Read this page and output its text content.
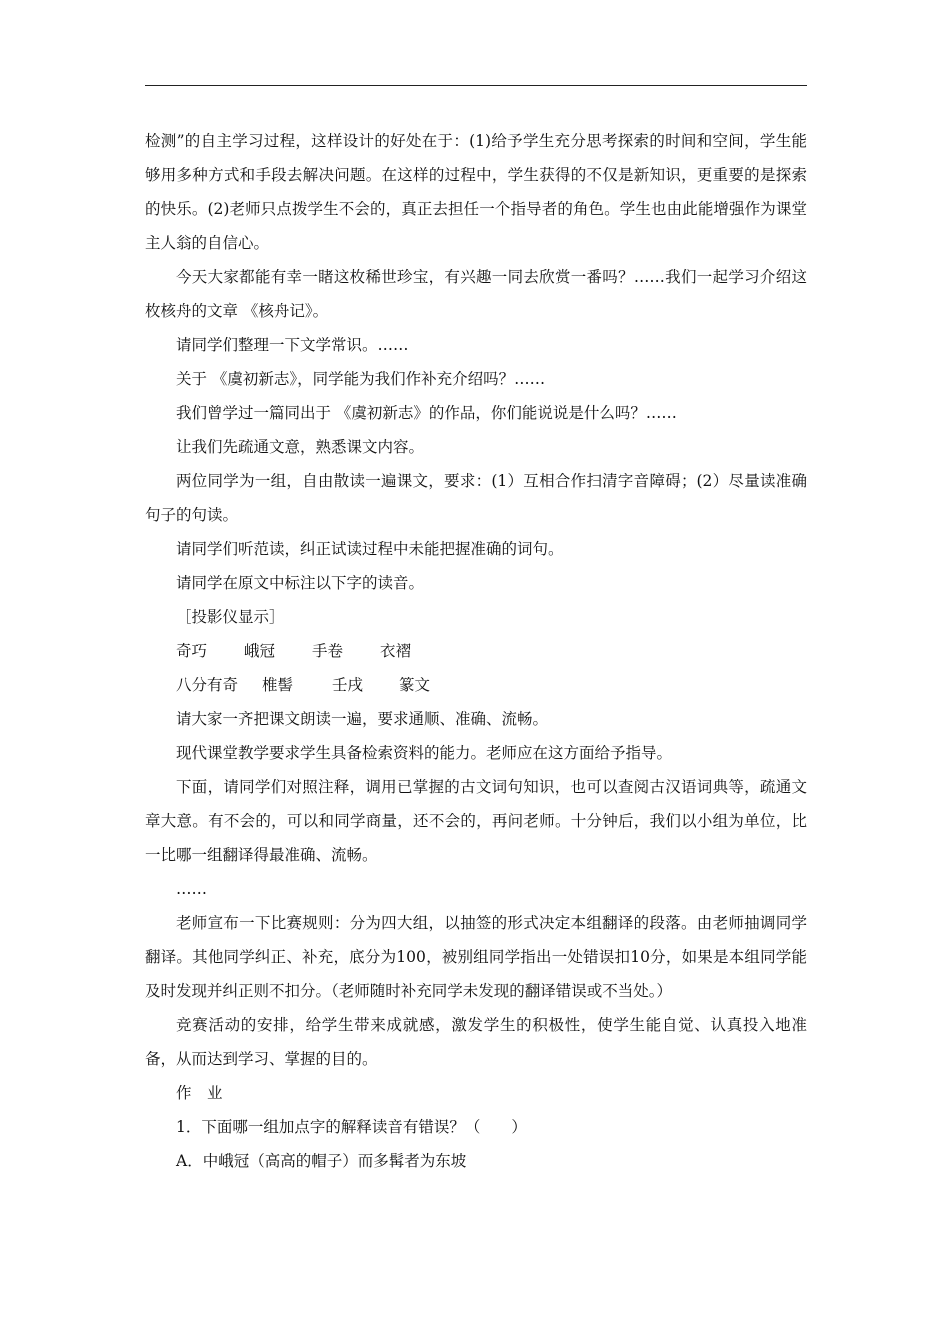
检测”的自主学习过程，这样设计的好处在于：(1)给予学生充分思考探索的时间和空间，学生能够用多种方式和手段去解决问题。在这样的过程中，学生获得的不仅是新知识，更重要的是探索的快乐。(2)老师只点拨学生不会的，真正去担任一个指导者的角色。学生也由此能增强作为课堂主人翁的自信心。

今天大家都能有幸一睹这枚稀世珍宝，有兴趣一同去欣赏一番吗？……我们一起学习介绍这枚核舟的文章 《核舟记》。

请同学们整理一下文学常识。……

关于 《虞初新志》，同学能为我们作补充介绍吗？……

我们曾学过一篇同出于 《虞初新志》的作品，你们能说说是什么吗？……

让我们先疏通文意，熟悉课文内容。

两位同学为一组，自由散读一遍课文，要求：(1）互相合作扫清字音障碍；(2）尽量读准确句子的句读。

请同学们听范读，纠正试读过程中未能把握准确的词句。

请同学在原文中标注以下字的读音。

［投影仪显示］

奇巧 峨冠 手卷 衣褶

八分有奇 椎髻	壬戌 篆文

请大家一齐把课文朗读一遍，要求通顺、准确、流畅。

现代课堂教学要求学生具备检索资料的能力。老师应在这方面给予指导。

下面，请同学们对照注释，调用已掌握的古文词句知识，也可以查阅古汉语词典等，疏通文章大意。有不会的，可以和同学商量，还不会的，再问老师。十分钟后，我们以小组为单位，比一比哪一组翻译得最准确、流畅。

……

老师宣布一下比赛规则：分为四大组，以抽签的形式决定本组翻译的段落。由老师抽调同学翻译。其他同学纠正、补充，底分为100，被别组同学指出一处错误扣10分，如果是本组同学能及时发现并纠正则不扣分。（老师随时补充同学未发现的翻译错误或不当处。）

竞赛活动的安排，给学生带来成就感，激发学生的积极性，使学生能自觉、认真投入地准备，从而达到学习、掌握的目的。

作　业

1．下面哪一组加点字的解释读音有错误？（　　）

A．中峨冠（高高的帽子）而多髯者为东坡
